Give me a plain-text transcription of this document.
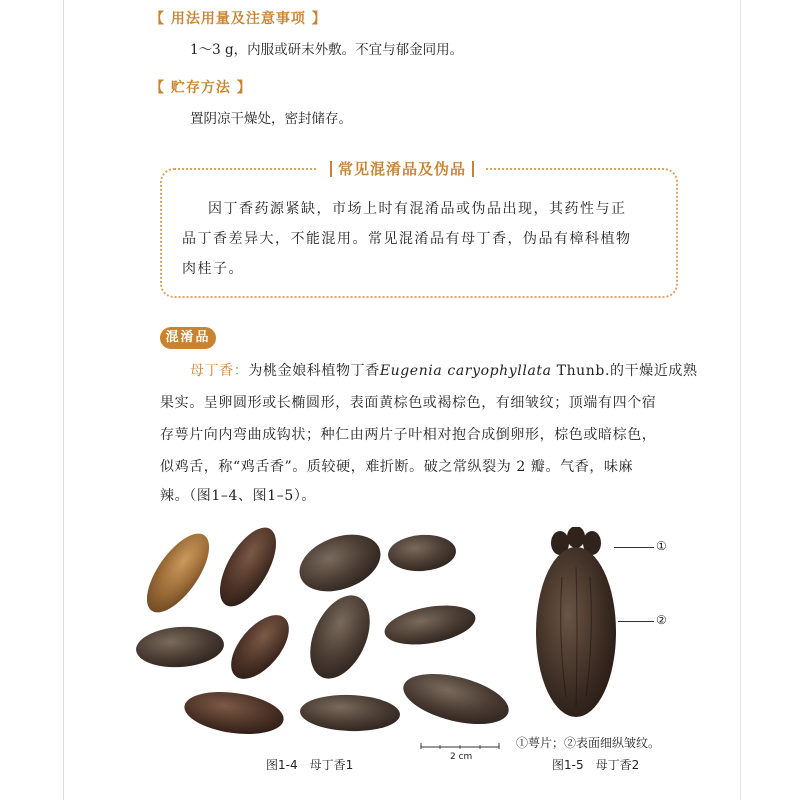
【 用法用量及注意事项 】
1～3 g，内服或研末外敷。不宜与郁金同用。
【 贮存方法 】
置阴凉干燥处，密封储存。
因丁香药源紧缺，市场上时有混淆品或伪品出现，其药性与正
品丁香差异大，不能混用。常见混淆品有母丁香，伪品有樟科植物
肉桂子。
常见混淆品及伪品
混淆品
母丁香：为桃金娘科植物丁香Eugenia caryophyllata Thunb.的干燥近成熟
果实。呈卵圆形或长椭圆形，表面黄棕色或褐棕色，有细皱纹；顶端有四个宿
存萼片向内弯曲成钩状；种仁由两片子叶相对抱合成倒卵形，棕色或暗棕色，
似鸡舌，称“鸡舌香”。质较硬，难折断。破之常纵裂为 2 瓣。气香，味麻
辣。（图1–4、图1–5）。
2 cm
图1-4　母丁香1
①
②
①萼片；②表面细纵皱纹。
图1-5　母丁香2
